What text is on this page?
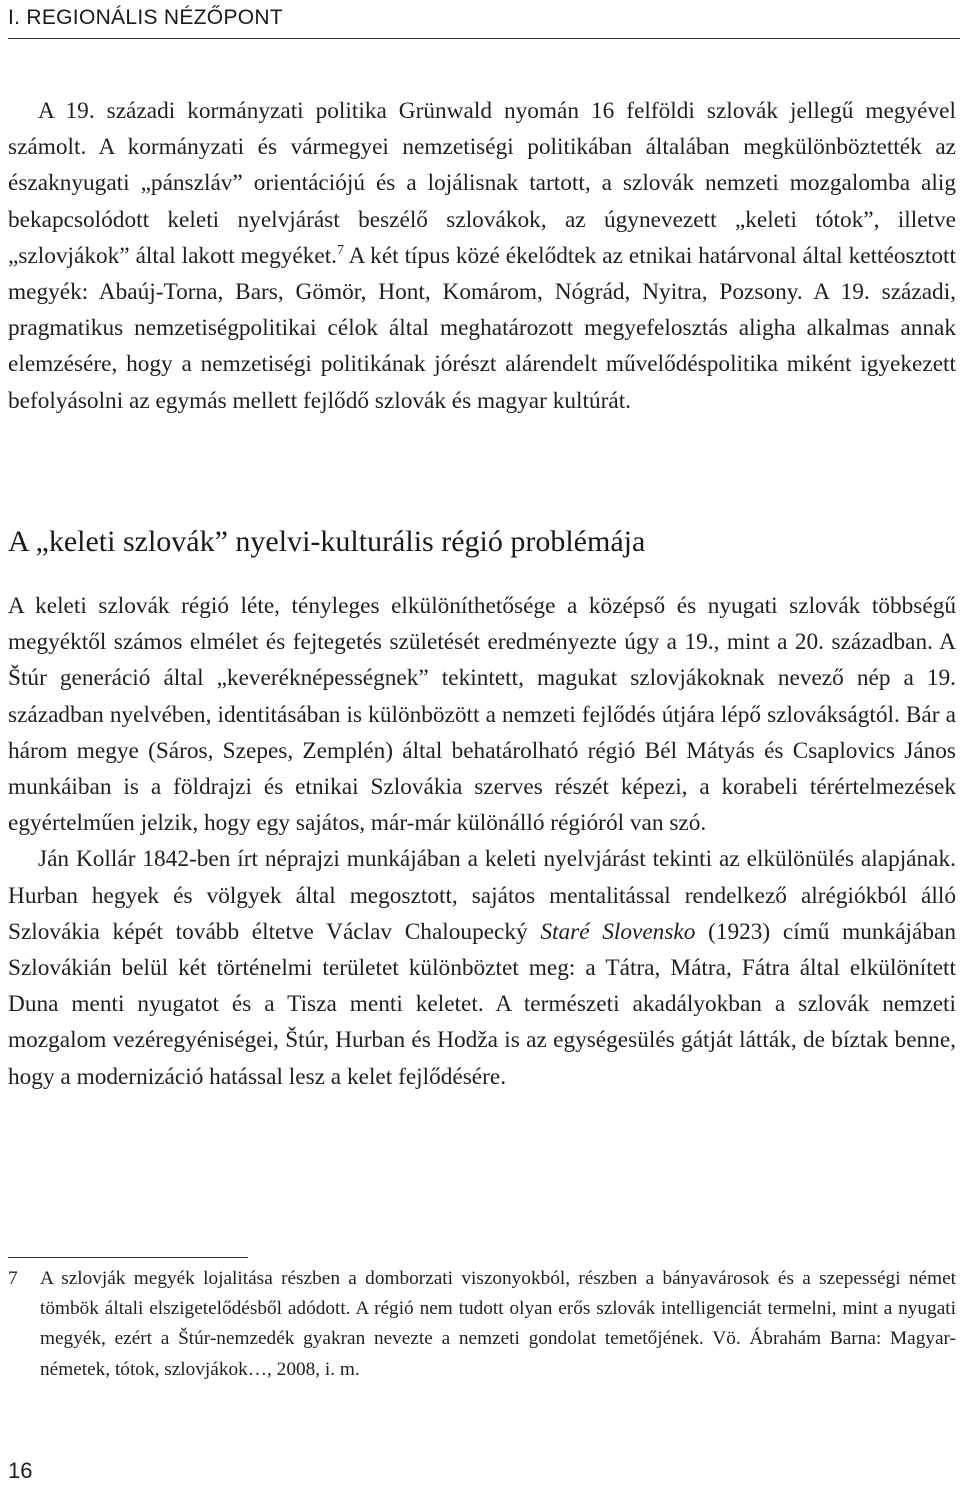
I. REGIONÁLIS NÉZŐPONT

A 19. századi kormányzati politika Grünwald nyomán 16 felföldi szlovák jellegű megyével számolt. A kormányzati és vármegyei nemzetiségi politikában általában megkülönböztették az északnyugati „pánszláv” orientációjú és a lojálisnak tartott, a szlovák nemzeti mozgalomba alig bekapcsolódott keleti nyelvjárást beszélő szlovákok, az úgynevezett „keleti tótok”, illetve „szlovjákok” által lakott megyéket.$^7$ A két típus közé ékelődtek az etnikai határvonal által kettéosztott megyék: Abaúj-Torna, Bars, Gömör, Hont, Komárom, Nógrád, Nyitra, Pozsony. A 19. századi, pragmatikus nemzetiségpolitikai célok által meghatározott megyefelosztás aligha alkalmas annak elemzésére, hogy a nemzetiségi politikának jórészt alárendelt művelődéspolitika miként igyekezett befolyásolni az egymás mellett fejlődő szlovák és magyar kultúrát.

A „keleti szlovák” nyelvi-kulturális régió problémája

A keleti szlovák régió léte, tényleges elkülöníthetősége a középső és nyugati szlovák többségű megyéktől számos elmélet és fejtegetés születését eredményezte úgy a 19., mint a 20. században. A Štúr generáció által „keveréknépességnek” tekintett, magukat szlovjákoknak nevező nép a 19. században nyelvében, identitásában is különbözött a nemzeti fejlődés útjára lépő szlovákságtól. Bár a három megye (Sáros, Szepes, Zemplén) által behatárolható régió Bél Mátyás és Csaplovics János munkáiban is a földrajzi és etnikai Szlovákia szerves részét képezi, a korabeli térértelmezések egyértelműen jelzik, hogy egy sajátos, már-már különálló régióról van szó.

Ján Kollár 1842-ben írt néprajzi munkájában a keleti nyelvjárást tekinti az elkülönülés alapjának. Hurban hegyek és völgyek által megosztott, sajátos mentalitással rendelkező alrégiókból álló Szlovákia képét tovább éltetve Václav Chaloupecký Staré Slovensko (1923) című munkájában Szlovákián belül két történelmi területet különböztet meg: a Tátra, Mátra, Fátra által elkülönített Duna menti nyugatot és a Tisza menti keletet. A természeti akadályokban a szlovák nemzeti mozgalom vezéregyéniségei, Štúr, Hurban és Hodža is az egységesülés gátját látták, de bíztak benne, hogy a modernizáció hatással lesz a kelet fejlődésére.

7 A szlovják megyék lojalitása részben a domborzati viszonyokból, részben a bányavárosok és a szepességi német tömbök általi elszigetelődésből adódott. A régió nem tudott olyan erős szlovák intelligenciát termelni, mint a nyugati megyék, ezért a Štúr-nemzedék gyakran nevezte a nemzeti gondolat temetőjének. Vö. Ábrahám Barna: Magyar-németek, tótok, szlovjákok…, 2008, i. m.
16
